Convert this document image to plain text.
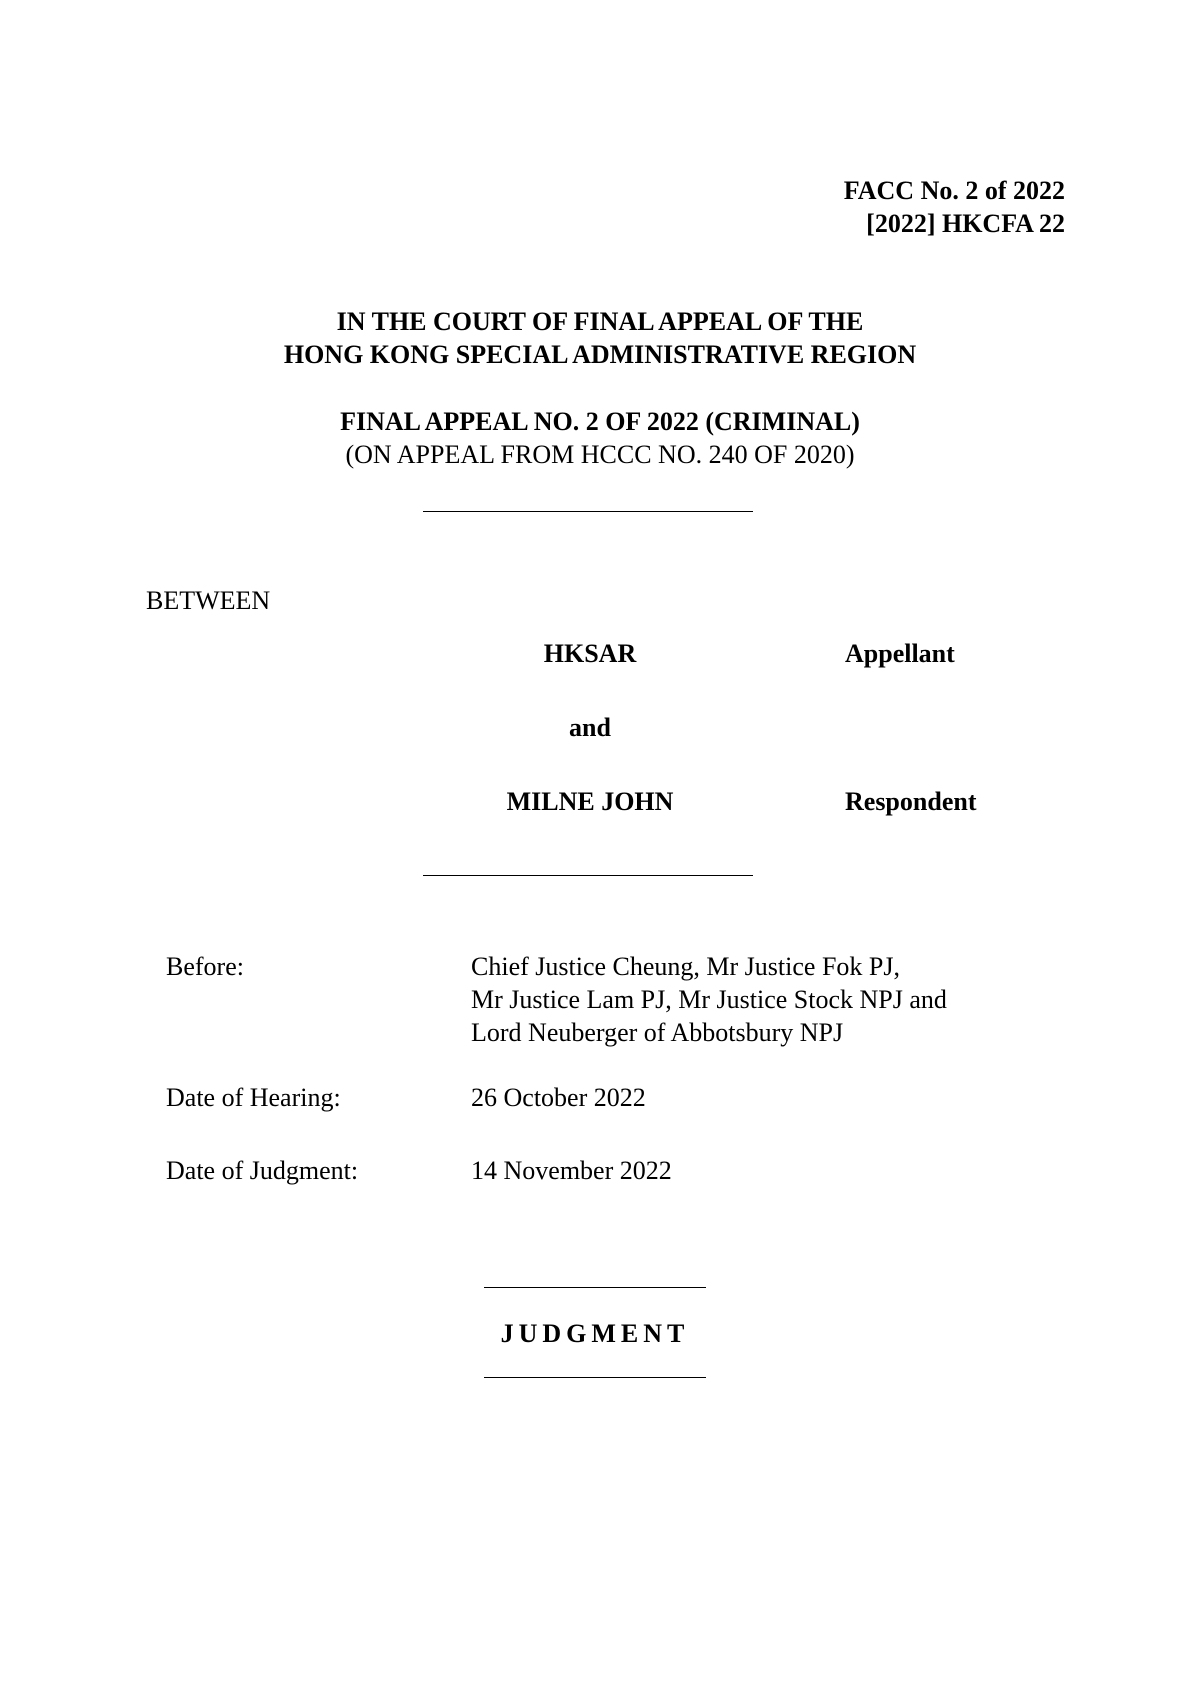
FACC No. 2 of 2022
[2022] HKCFA 22
IN THE COURT OF FINAL APPEAL OF THE
HONG KONG SPECIAL ADMINISTRATIVE REGION
FINAL APPEAL NO. 2 OF 2022 (CRIMINAL)
(ON APPEAL FROM HCCC NO. 240 OF 2020)
BETWEEN
HKSAR	Appellant
and
MILNE JOHN	Respondent
Before:	Chief Justice Cheung, Mr Justice Fok PJ,
Mr Justice Lam PJ, Mr Justice Stock NPJ and
Lord Neuberger of Abbotsbury NPJ
Date of Hearing:	26 October 2022
Date of Judgment:	14 November 2022
JUDGMENT
